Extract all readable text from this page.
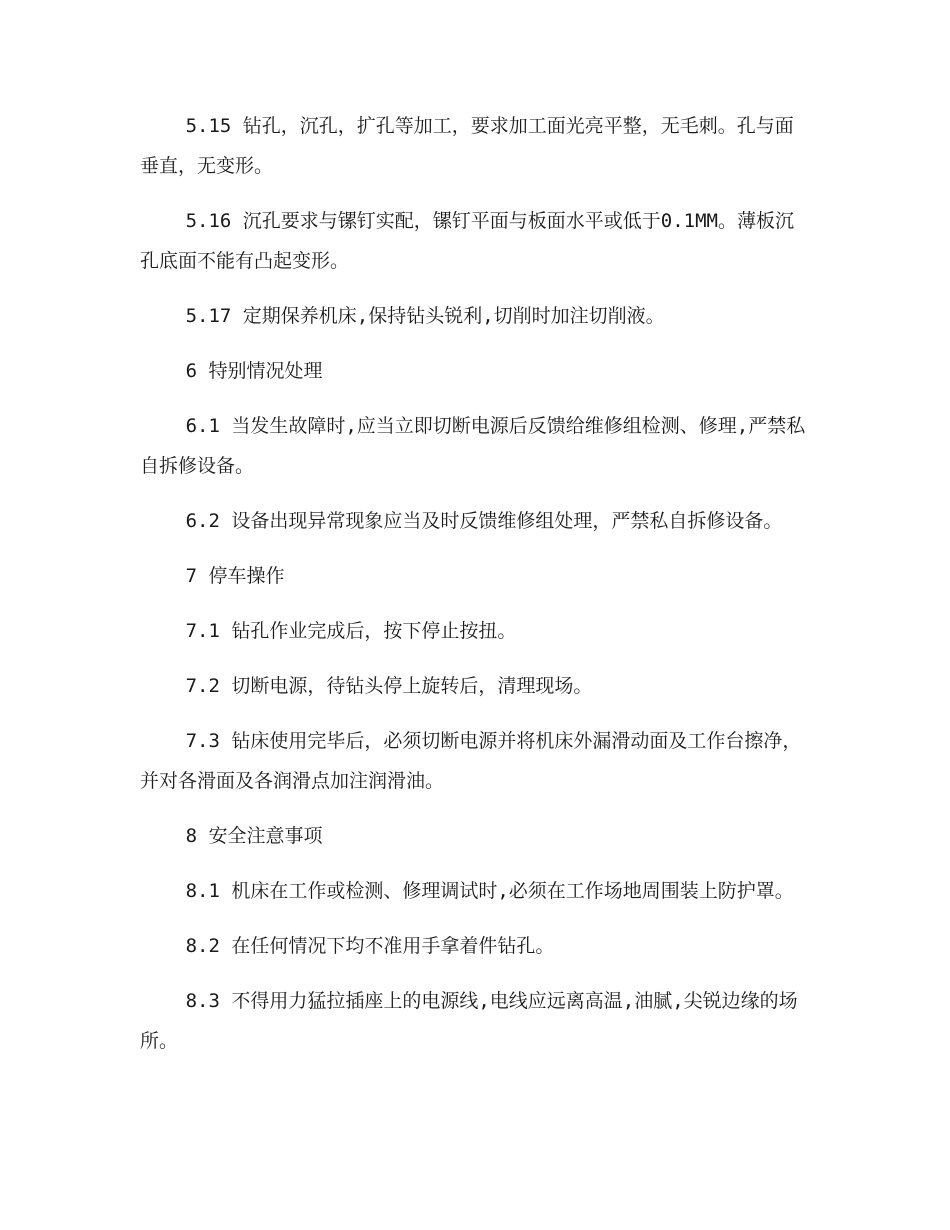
5.15 钻孔，沉孔，扩孔等加工，要求加工面光亮平整，无毛刺。孔与面垂直，无变形。

5.16 沉孔要求与镙钉实配，镙钉平面与板面水平或低于0.1MM。薄板沉孔底面不能有凸起变形。

5.17 定期保养机床,保持钻头锐利,切削时加注切削液。

6 特别情况处理

6.1 当发生故障时,应当立即切断电源后反馈给维修组检测、修理,严禁私自拆修设备。

6.2 设备出现异常现象应当及时反馈维修组处理，严禁私自拆修设备。

7 停车操作

7.1 钻孔作业完成后，按下停止按扭。

7.2 切断电源，待钻头停上旋转后，清理现场。

7.3 钻床使用完毕后，必须切断电源并将机床外漏滑动面及工作台擦净，并对各滑面及各润滑点加注润滑油。

8 安全注意事项

8.1 机床在工作或检测、修理调试时,必须在工作场地周围装上防护罩。

8.2 在任何情况下均不准用手拿着件钻孔。

8.3 不得用力猛拉插座上的电源线,电线应远离高温,油腻,尖锐边缘的场所。
